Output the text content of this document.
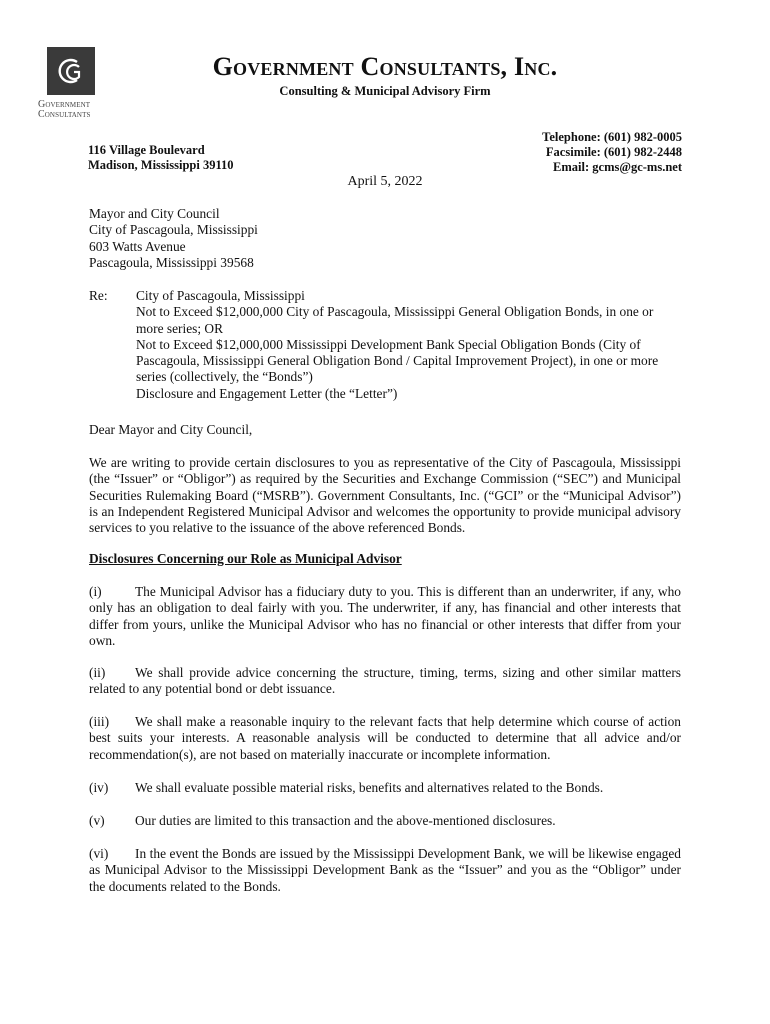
Government
Consultants
Government Consultants, Inc.
Consulting & Municipal Advisory Firm
116 Village Boulevard
Madison, Mississippi 39110
Telephone: (601) 982-0005
Facsimile: (601) 982-2448
Email: gcms@gc-ms.net
April 5, 2022
Mayor and City Council
City of Pascagoula, Mississippi
603 Watts Avenue
Pascagoula, Mississippi 39568
Re:	City of Pascagoula, Mississippi
Not to Exceed $12,000,000 City of Pascagoula, Mississippi General Obligation Bonds, in one or more series; OR
Not to Exceed $12,000,000 Mississippi Development Bank Special Obligation Bonds (City of Pascagoula, Mississippi General Obligation Bond / Capital Improvement Project), in one or more series (collectively, the “Bonds”)
Disclosure and Engagement Letter (the “Letter”)
Dear Mayor and City Council,
We are writing to provide certain disclosures to you as representative of the City of Pascagoula, Mississippi (the “Issuer” or “Obligor”) as required by the Securities and Exchange Commission (“SEC”) and Municipal Securities Rulemaking Board (“MSRB”). Government Consultants, Inc. (“GCI” or the “Municipal Advisor”) is an Independent Registered Municipal Advisor and welcomes the opportunity to provide municipal advisory services to you relative to the issuance of the above referenced Bonds.
Disclosures Concerning our Role as Municipal Advisor
(i) The Municipal Advisor has a fiduciary duty to you. This is different than an underwriter, if any, who only has an obligation to deal fairly with you. The underwriter, if any, has financial and other interests that differ from yours, unlike the Municipal Advisor who has no financial or other interests that differ from your own.
(ii) We shall provide advice concerning the structure, timing, terms, sizing and other similar matters related to any potential bond or debt issuance.
(iii) We shall make a reasonable inquiry to the relevant facts that help determine which course of action best suits your interests. A reasonable analysis will be conducted to determine that all advice and/or recommendation(s), are not based on materially inaccurate or incomplete information.
(iv) We shall evaluate possible material risks, benefits and alternatives related to the Bonds.
(v) Our duties are limited to this transaction and the above-mentioned disclosures.
(vi) In the event the Bonds are issued by the Mississippi Development Bank, we will be likewise engaged as Municipal Advisor to the Mississippi Development Bank as the “Issuer” and you as the “Obligor” under the documents related to the Bonds.
